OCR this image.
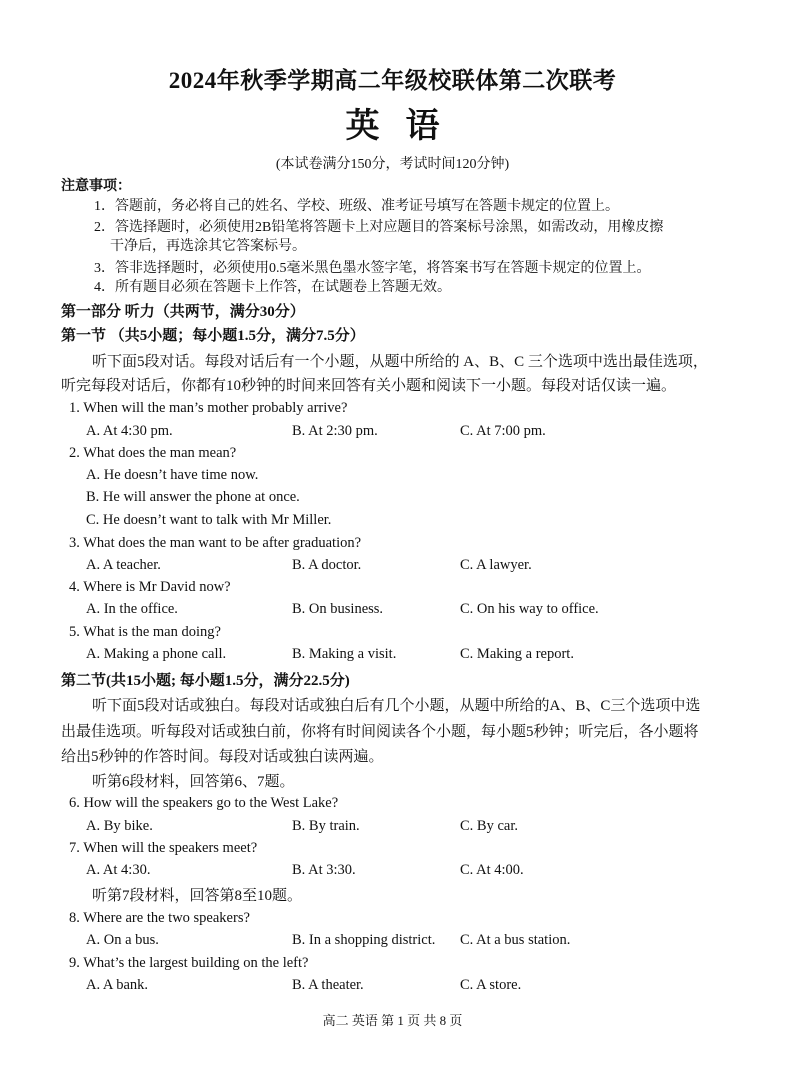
2024年秋季学期高二年级校联体第二次联考
英语
(本试卷满分150分，考试时间120分钟)
注意事项：
1．答题前，务必将自己的姓名、学校、班级、准考证号填写在答题卡规定的位置上。
2．答选择题时，必须使用2B铅笔将答题卡上对应题目的答案标号涂黑，如需改动，用橡皮擦
干净后，再选涂其它答案标号。
3．答非选择题时，必须使用0.5毫米黑色墨水签字笔，将答案书写在答题卡规定的位置上。
4．所有题目必须在答题卡上作答，在试题卷上答题无效。
第一部分 听力（共两节，满分30分）
第一节 （共5小题；每小题1.5分，满分7.5分）
听下面5段对话。每段对话后有一个小题，从题中所给的 A、B、C 三个选项中选出最佳选项，
听完每段对话后，你都有10秒钟的时间来回答有关小题和阅读下一小题。每段对话仅读一遍。
1. When will the man’s mother probably arrive?
A. At 4:30 pm.	B. At 2:30 pm.	C. At 7:00 pm.
2. What does the man mean?
A. He doesn’t have time now.
B. He will answer the phone at once.
C. He doesn’t want to talk with Mr Miller.
3. What does the man want to be after graduation?
A. A teacher.	B. A doctor.	C. A lawyer.
4. Where is Mr David now?
A. In the office.	B. On business.	C. On his way to office.
5. What is the man doing?
A. Making a phone call.	B. Making a visit.	C. Making a report.
第二节(共15小题; 每小题1.5分，满分22.5分)
听下面5段对话或独白。每段对话或独白后有几个小题，从题中所给的A、B、C三个选项中选
出最佳选项。听每段对话或独白前，你将有时间阅读各个小题，每小题5秒钟；听完后，各小题将
给出5秒钟的作答时间。每段对话或独白读两遍。
听第6段材料，回答第6、7题。
6. How will the speakers go to the West Lake?
A. By bike.	B. By train.	C. By car.
7. When will the speakers meet?
A. At 4:30.	B. At 3:30.	C. At 4:00.
听第7段材料，回答第8至10题。
8. Where are the two speakers?
A. On a bus.	B. In a shopping district. C. At a bus station.
9. What’s the largest building on the left?
A. A bank.	B. A theater.	C. A store.
高二 英语 第 1 页 共 8 页
